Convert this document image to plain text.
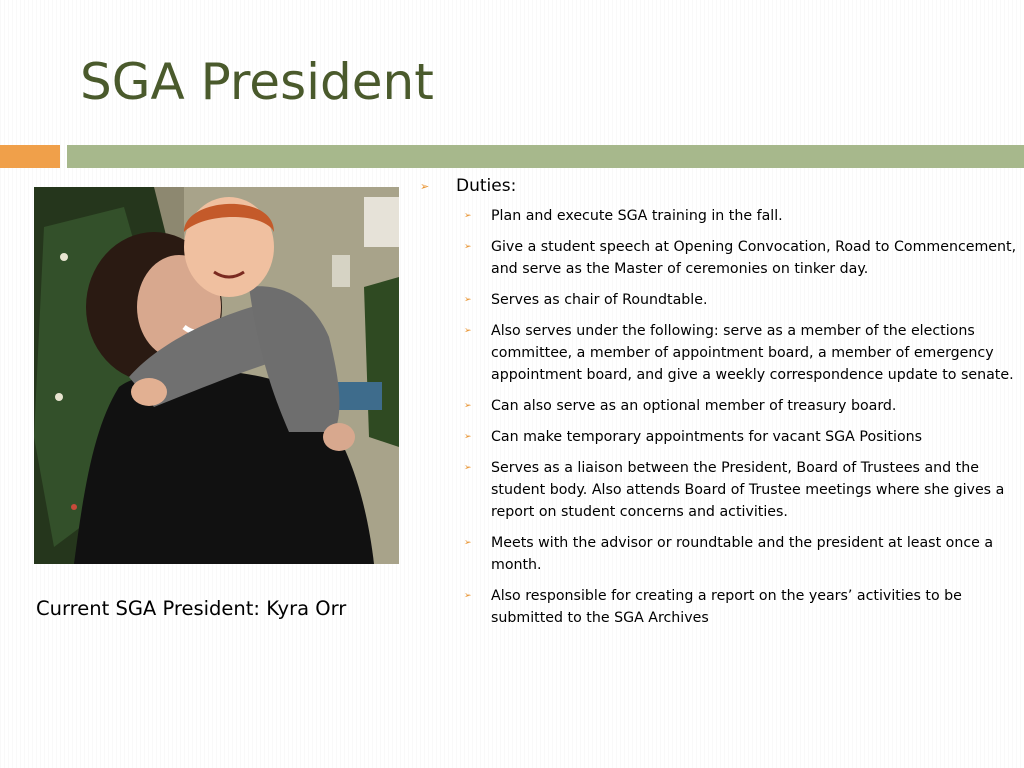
SGA President
Current SGA President: Kyra Orr
➢ Duties:
➢ Plan and execute SGA training in the fall.
➢ Give a student speech at Opening Convocation, Road to Commencement, and serve as the Master of ceremonies on tinker day.
➢ Serves as chair of Roundtable.
➢ Also serves under the following: serve as a member of the elections committee, a member of appointment board, a member of emergency appointment board, and give a weekly correspondence update to senate.
➢ Can also serve as an optional member of treasury board.
➢ Can make temporary appointments for vacant SGA Positions
➢ Serves as a liaison between the President, Board of Trustees and the student body. Also attends Board of Trustee meetings where she gives a report on student concerns and activities.
➢ Meets with the advisor or roundtable and the president at least once a month.
➢ Also responsible for creating a report on the years’ activities to be submitted to the SGA Archives
